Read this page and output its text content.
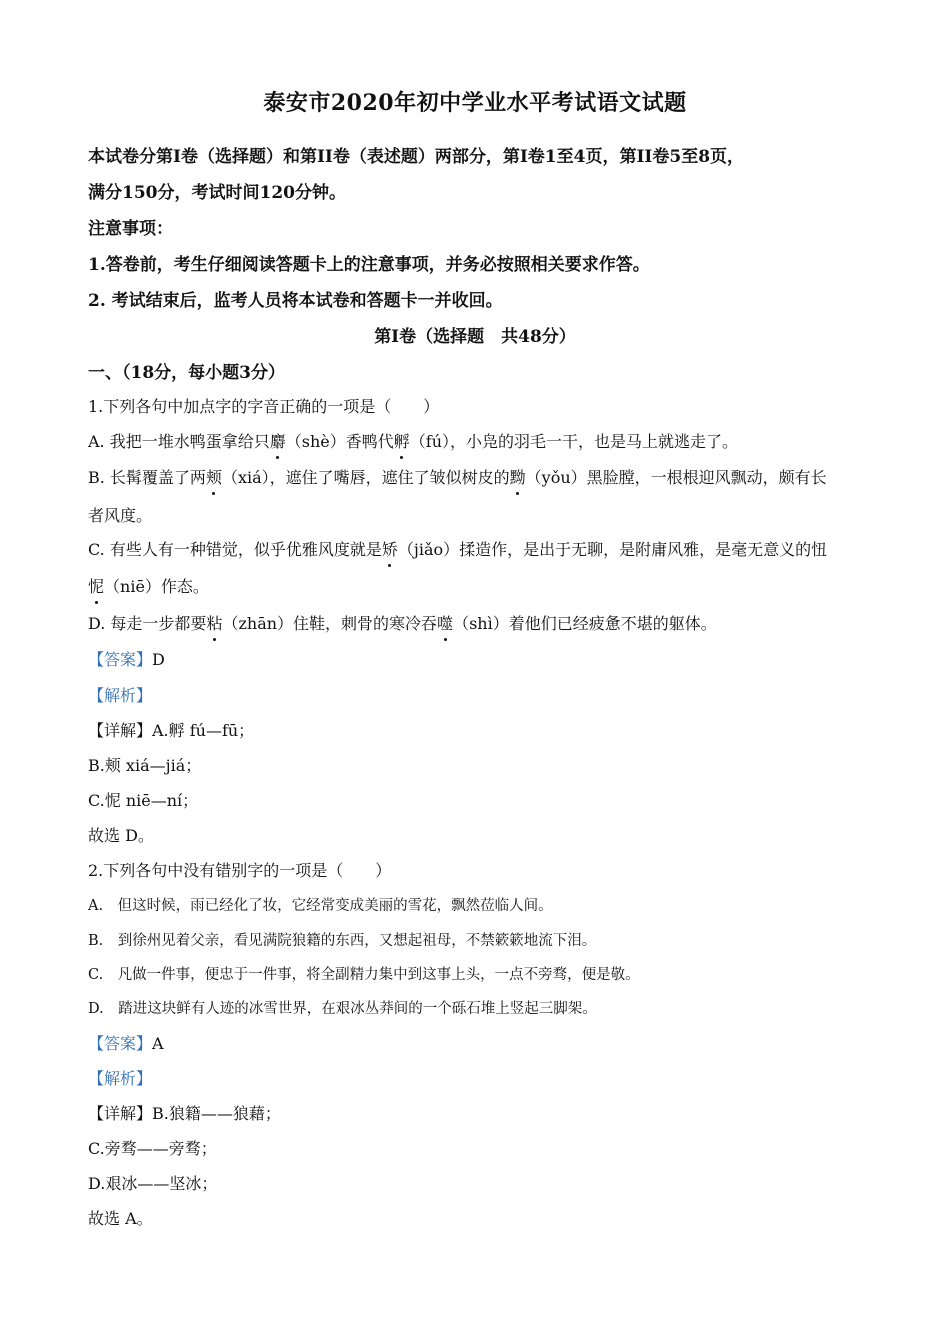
泰安市2020年初中学业水平考试语文试题
本试卷分第Ⅰ卷（选择题）和第II卷（表述题）两部分，第Ⅰ卷1至4页，第II卷5至8页，
满分150分，考试时间120分钟。
注意事项：
1.答卷前，考生仔细阅读答题卡上的注意事项，并务必按照相关要求作答。
2. 考试结束后，监考人员将本试卷和答题卡一并收回。
第Ⅰ卷（选择题　共48分）
一、（18分，每小题3分）
1.下列各句中加点字的字音正确的一项是（　　）
A. 我把一堆水鸭蛋拿给只麝（shè）香鸭代孵（fú），小凫的羽毛一干，也是马上就逃走了。
B. 长髯覆盖了两颊（xiá），遮住了嘴唇，遮住了皱似树皮的黝（yǒu）黑脸膛，一根根迎风飘动，颇有长
者风度。
C. 有些人有一种错觉，似乎优雅风度就是矫（jiǎo）揉造作，是出于无聊，是附庸风雅，是毫无意义的忸
怩（niē）作态。
D. 每走一步都要粘（zhān）住鞋，刺骨的寒冷吞噬（shì）着他们已经疲惫不堪的躯体。
【答案】D
【解析】
【详解】A.孵 fú—fū；
B.颊 xiá—jiá；
C.怩 niē—ní；
故选 D。
2.下列各句中没有错别字的一项是（　　）
A.　但这时候，雨已经化了妆，它经常变成美丽的雪花，飘然莅临人间。
B.　到徐州见着父亲，看见满院狼籍的东西，又想起祖母，不禁簌簌地流下泪。
C.　凡做一件事，便忠于一件事，将全副精力集中到这事上头，一点不旁骛，便是敬。
D.　踏进这块鲜有人迹的冰雪世界，在艰冰丛莽间的一个砾石堆上竖起三脚架。
【答案】A
【解析】
【详解】B.狼籍——狼藉；
C.旁骛——旁骛；
D.艰冰——坚冰；
故选 A。
